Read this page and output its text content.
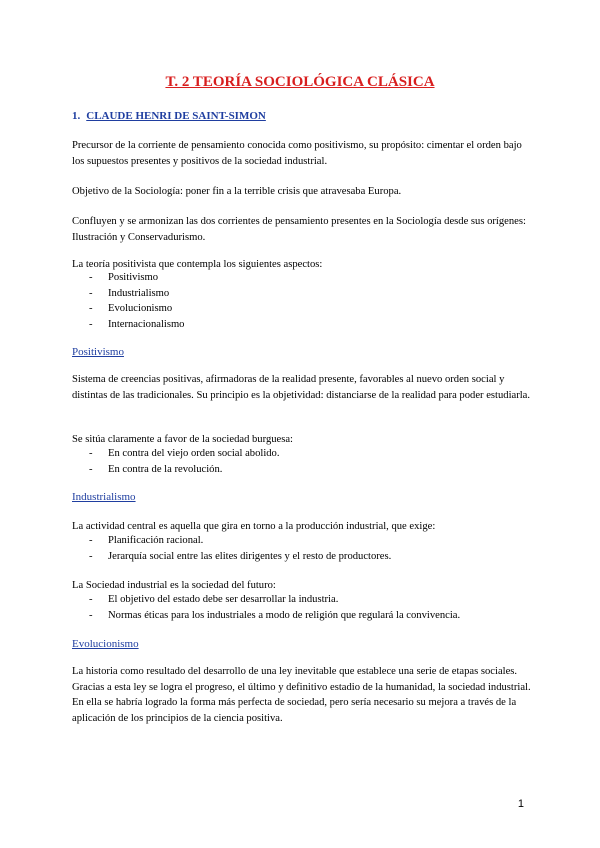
T. 2 TEORÍA SOCIOLÓGICA CLÁSICA
1. CLAUDE HENRI DE SAINT-SIMON

Precursor de la corriente de pensamiento conocida como positivismo, su propósito: cimentar el orden bajo los supuestos presentes y positivos de la sociedad industrial.

Objetivo de la Sociología: poner fin a la terrible crisis que atravesaba Europa.

Confluyen y se armonizan las dos corrientes de pensamiento presentes en la Sociología desde sus orígenes: Ilustración y Conservadurismo.

La teoría positivista que contempla los siguientes aspectos:

- Positivismo
- Industrialismo
- Evolucionismo
- Internacionalismo
Positivismo

Sistema de creencias positivas, afirmadoras de la realidad presente, favorables al nuevo orden social y distintas de las tradicionales. Su principio es la objetividad: distanciarse de la realidad para poder estudiarla.

Se sitúa claramente a favor de la sociedad burguesa:

- En contra del viejo orden social abolido.
- En contra de la revolución.
Industrialismo

La actividad central es aquella que gira en torno a la producción industrial, que exige:

- Planificación racional.
- Jerarquía social entre las elites dirigentes y el resto de productores.

La Sociedad industrial es la sociedad del futuro:

- El objetivo del estado debe ser desarrollar la industria.
- Normas éticas para los industriales a modo de religión que regulará la convivencia.
Evolucionismo

La historia como resultado del desarrollo de una ley inevitable que establece una serie de etapas sociales. Gracias a esta ley se logra el progreso, el último y definitivo estadio de la humanidad, la sociedad industrial. En ella se habría logrado la forma más perfecta de sociedad, pero sería necesario su mejora a través de la aplicación de los principios de la ciencia positiva.

1
